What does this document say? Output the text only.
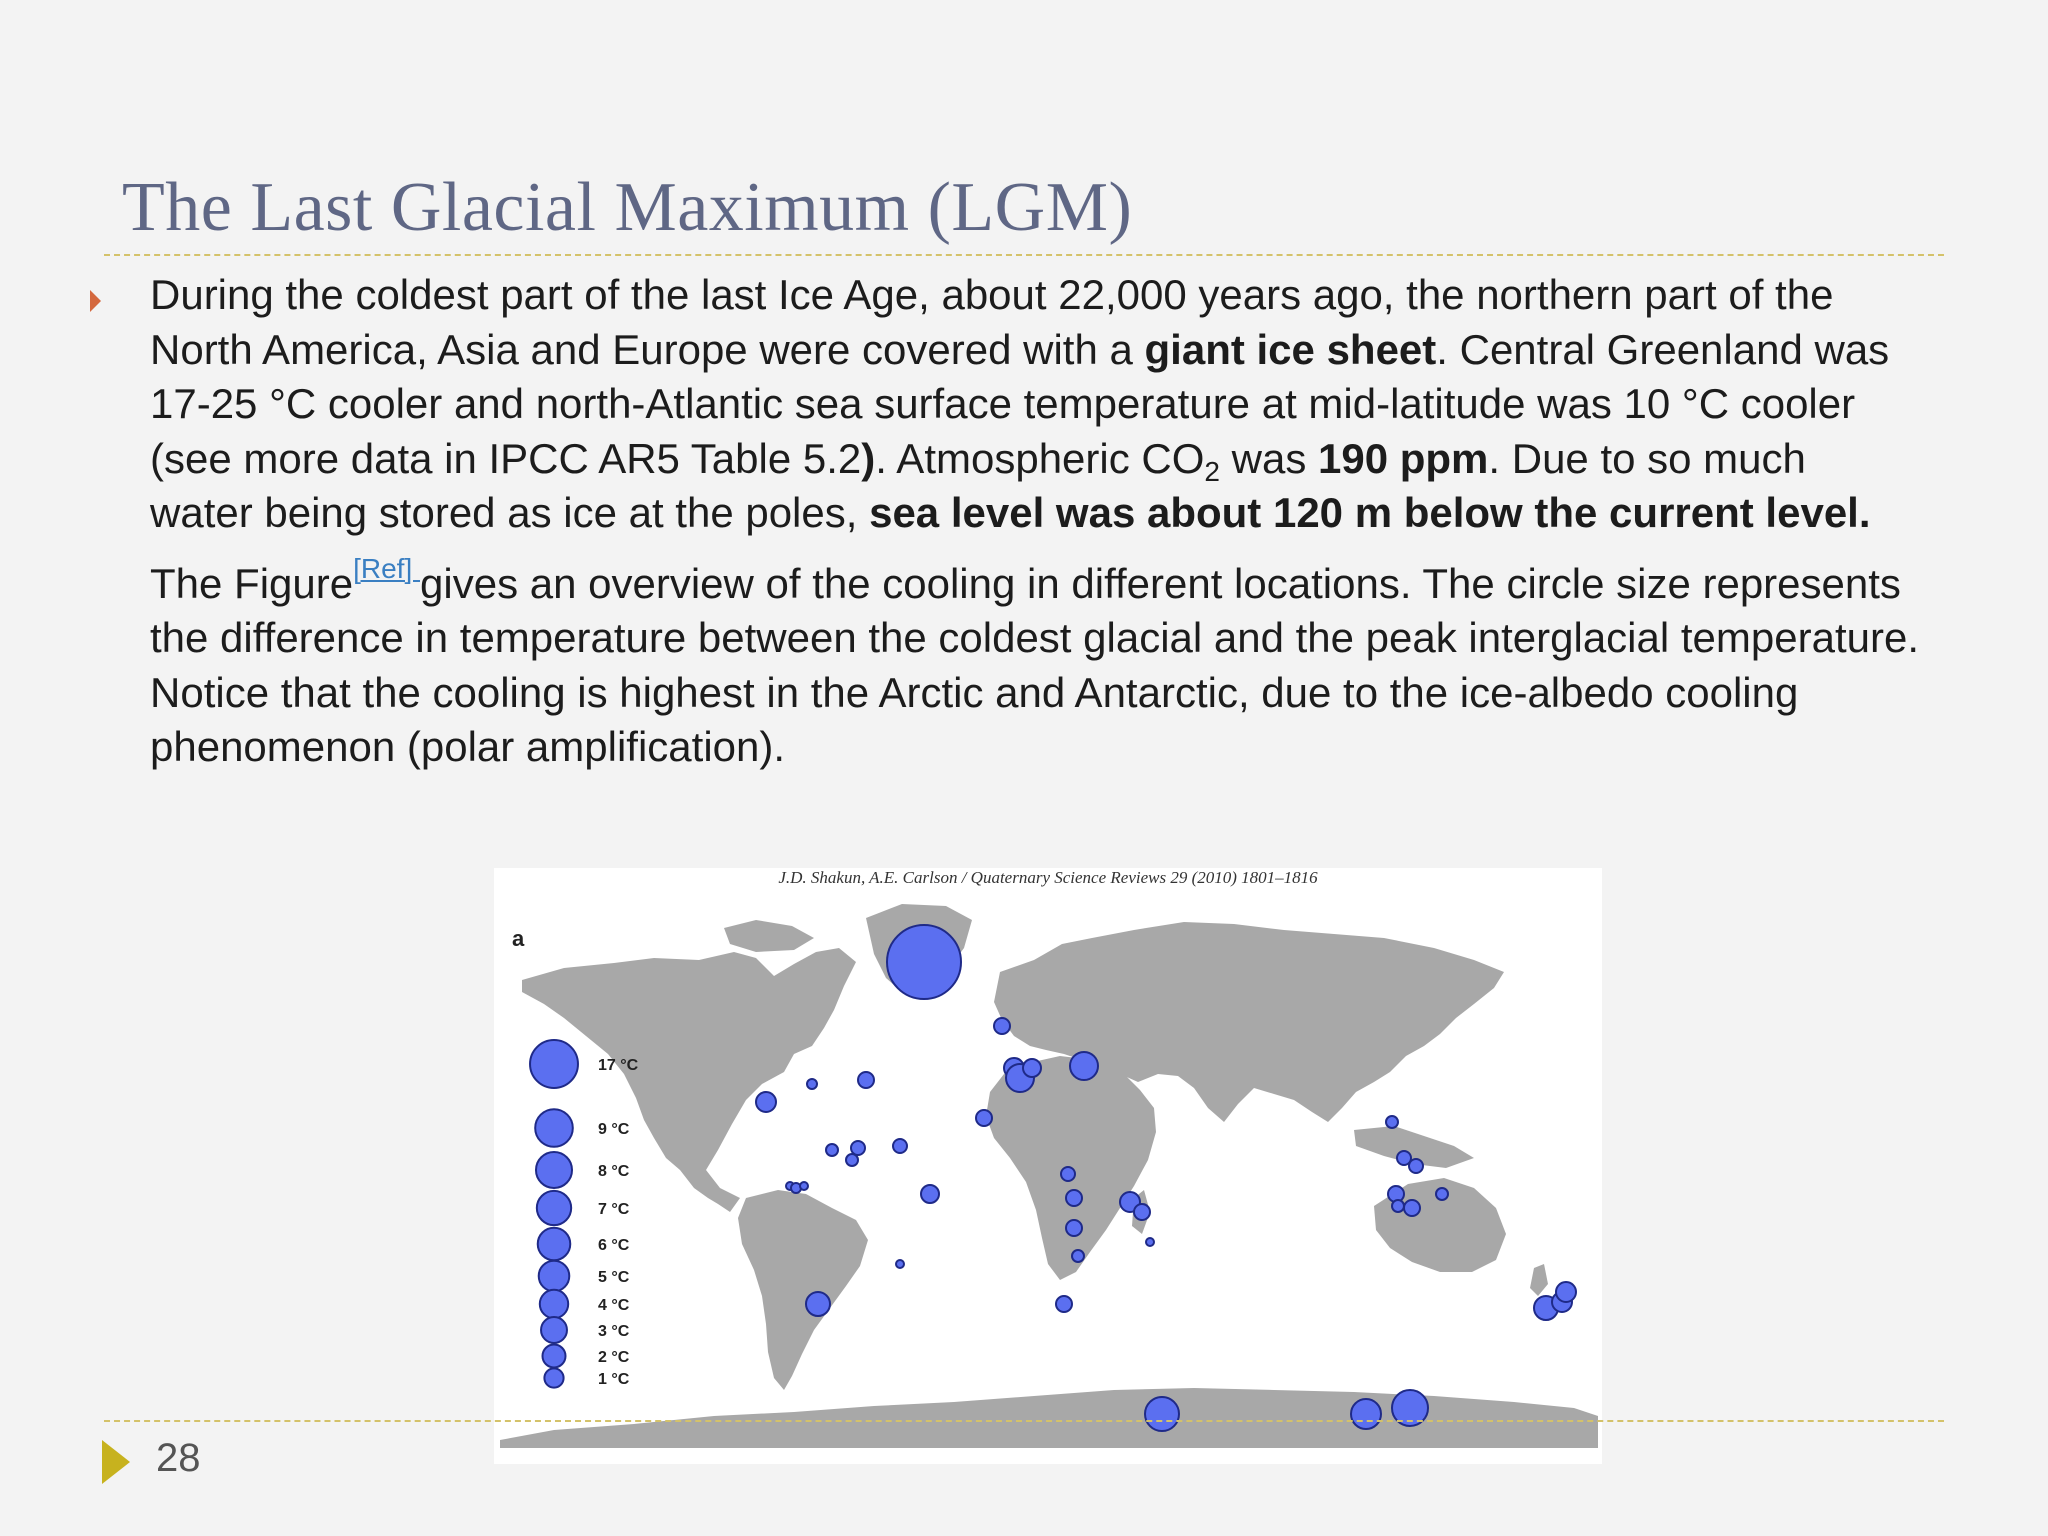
The Last Glacial Maximum (LGM)

During the coldest part of the last Ice Age, about 22,000 years ago, the northern part of the North America, Asia and Europe were covered with a giant ice sheet. Central Greenland was 17-25 °C cooler and north-Atlantic sea surface temperature at mid-latitude was 10 °C cooler (see more data in IPCC AR5 Table 5.2). Atmospheric $CO_2$ was 190 ppm. Due to so much water being stored as ice at the poles, sea level was about 120 m below the current level.

The Figure[Ref] gives an overview of the cooling in different locations. The circle size represents the difference in temperature between the coldest glacial and the peak interglacial temperature. Notice that the cooling is highest in the Arctic and Antarctic, due to the ice-albedo cooling phenomenon (polar amplification).

J.D. Shakun, A.E. Carlson / Quaternary Science Reviews 29 (2010) 1801–1816
a
17 °C
9 °C
8 °C
7 °C
6 °C
5 °C
4 °C
3 °C
2 °C
1 °C
28
